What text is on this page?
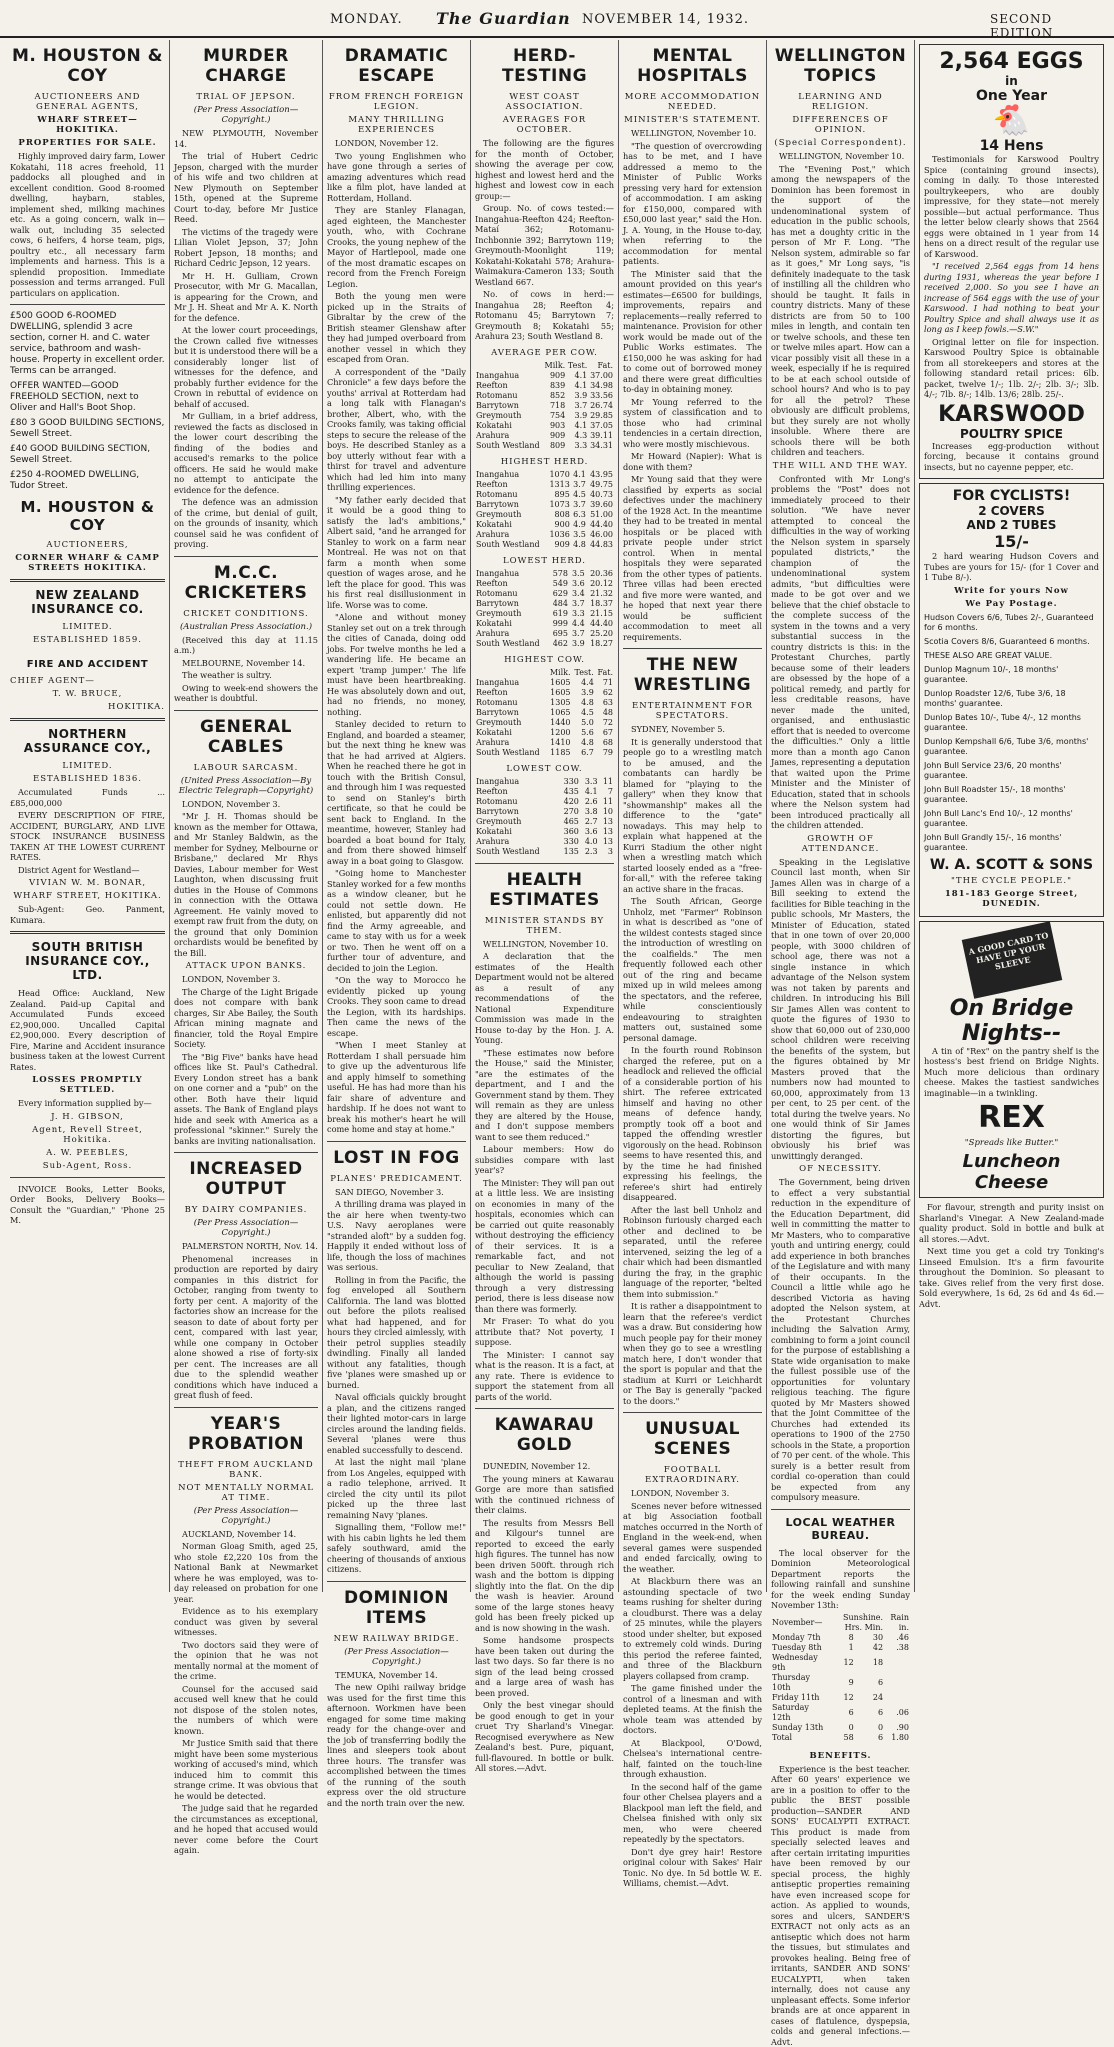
MONDAY. The Guardian NOVEMBER 14, 1932.	SECOND EDITION
M. HOUSTON & COY
AUCTIONEERS AND GENERAL AGENTS,
WHARF STREET—HOKITIKA.
PROPERTIES FOR SALE.

Highly improved dairy farm, Lower Kokatahi, 118 acres freehold, 11 paddocks all ploughed and in excellent condition. Good 8-roomed dwelling, haybarn, stables, implement shed, milking machines etc. As a going concern, walk in—walk out, including 35 selected cows, 6 heifers, 4 horse team, pigs, poultry etc., all necessary farm implements and harness. This is a splendid proposition. Immediate possession and terms arranged. Full particulars on application.

£500 GOOD 6-ROOMED DWELLING, splendid 3 acre section, corner H. and C. water service, bathroom and wash-house. Property in excellent order. Terms can be arranged.
OFFER WANTED—GOOD FREEHOLD SECTION, next to Oliver and Hall's Boot Shop.
£80 3 GOOD BUILDING SECTIONS, Sewell Street.
£40 GOOD BUILDING SECTION, Sewell Street.
£250 4-ROOMED DWELLING, Tudor Street.
M. HOUSTON & COY
AUCTIONEERS,
CORNER WHARF & CAMP STREETS HOKITIKA.
NEW ZEALAND INSURANCE CO.
LIMITED.
ESTABLISHED 1859.
FIRE AND ACCIDENT
CHIEF AGENT—
T. W. BRUCE,
HOKITIKA.
NORTHERN ASSURANCE COY.,
LIMITED.
ESTABLISHED 1836.

Accumulated Funds ... £85,000,000

EVERY DESCRIPTION OF FIRE, ACCIDENT, BURGLARY, AND LIVE STOCK INSURANCE BUSINESS TAKEN AT THE LOWEST CURRENT RATES.

District Agent for Westland—

VIVIAN W. M. BONAR,
WHARF STREET, HOKITIKA.

Sub-Agent: Geo. Panment, Kumara.

SOUTH BRITISH INSURANCE COY., LTD.

Head Office: Auckland, New Zealand. Paid-up Capital and Accumulated Funds exceed £2,900,000. Uncalled Capital £2,900,000. Every description of Fire, Marine and Accident insurance business taken at the lowest Current Rates.

LOSSES PROMPTLY SETTLED.

Every information supplied by—

J. H. GIBSON,
Agent, Revell Street, Hokitika.
A. W. PEEBLES,
Sub-Agent, Ross.

INVOICE Books, Letter Books, Order Books, Delivery Books—Consult the "Guardian," 'Phone 25 M.

MURDER CHARGE
TRIAL OF JEPSON.
(Per Press Association—Copyright.)

NEW PLYMOUTH, November 14.

The trial of Hubert Cedric Jepson, charged with the murder of his wife and two children at New Plymouth on September 15th, opened at the Supreme Court to-day, before Mr Justice Reed.

The victims of the tragedy were Lilian Violet Jepson, 37; John Robert Jepson, 18 months; and Richard Cedric Jepson, 12 years.

Mr H. H. Gulliam, Crown Prosecutor, with Mr G. Macallan, is appearing for the Crown, and Mr J. H. Sheat and Mr A. K. North for the defence.

At the lower court proceedings, the Crown called five witnesses but it is understood there will be a considerably longer list of witnesses for the defence, and probably further evidence for the Crown in rebuttal of evidence on behalf of accused.

Mr Gulliam, in a brief address, reviewed the facts as disclosed in the lower court describing the finding of the bodies and accused's remarks to the police officers. He said he would make no attempt to anticipate the evidence for the defence.

The defence was an admission of the crime, but denial of guilt, on the grounds of insanity, which counsel said he was confident of proving.

M.C.C. CRICKETERS
CRICKET CONDITIONS.
(Australian Press Association.)

(Received this day at 11.15 a.m.)

MELBOURNE, November 14.

The weather is sultry.

Owing to week-end showers the weather is doubtful.

GENERAL CABLES
LABOUR SARCASM.
(United Press Association—By Electric Telegraph—Copyright)

LONDON, November 3.

"Mr J. H. Thomas should be known as the member for Ottawa, and Mr Stanley Baldwin, as the member for Sydney, Melbourne or Brisbane," declared Mr Rhys Davies, Labour member for West Laughton, when discussing fruit duties in the House of Commons in connection with the Ottawa Agreement. He vainly moved to exempt raw fruit from the duty, on the ground that only Dominion orchardists would be benefited by the Bill.

ATTACK UPON BANKS.

LONDON, November 3.

The Charge of the Light Brigade does not compare with bank charges, Sir Abe Bailey, the South African mining magnate and financier, told the Royal Empire Society.

The "Big Five" banks have head offices like St. Paul's Cathedral. Every London street has a bank on one corner and a "pub" on the other. Both have their liquid assets. The Bank of England plays hide and seek with America as a professional "skinner." Surely the banks are inviting nationalisation.

INCREASED OUTPUT
BY DAIRY COMPANIES.
(Per Press Association—Copyright.)

PALMERSTON NORTH, Nov. 14.

Phenomenal increases in production are reported by dairy companies in this district for October, ranging from twenty to forty per cent. A majority of the factories show an increase for the season to date of about forty per cent, compared with last year, while one company in October alone showed a rise of forty-six per cent. The increases are all due to the splendid weather conditions which have induced a great flush of feed.

YEAR'S PROBATION
THEFT FROM AUCKLAND BANK.
NOT MENTALLY NORMAL AT TIME.
(Per Press Association—Copyright.)

AUCKLAND, November 14.

Norman Gloag Smith, aged 25, who stole £2,220 10s from the National Bank at Newmarket where he was employed, was to-day released on probation for one year.

Evidence as to his exemplary conduct was given by several witnesses.

Two doctors said they were of the opinion that he was not mentally normal at the moment of the crime.

Counsel for the accused said accused well knew that he could not dispose of the stolen notes, the numbers of which were known.

Mr Justice Smith said that there might have been some mysterious working of accused's mind, which induced him to commit this strange crime. It was obvious that he would be detected.

The judge said that he regarded the circumstances as exceptional, and he hoped that accused would never come before the Court again.

DRAMATIC ESCAPE
FROM FRENCH FOREIGN LEGION.
MANY THRILLING EXPERIENCES

LONDON, November 12.

Two young Englishmen who have gone through a series of amazing adventures which read like a film plot, have landed at Rotterdam, Holland.

They are Stanley Flanagan, aged eighteen, the Manchester youth, who, with Cochrane Crooks, the young nephew of the Mayor of Hartlepool, made one of the most dramatic escapes on record from the French Foreign Legion.

Both the young men were picked up in the Straits of Gibraltar by the crew of the British steamer Glenshaw after they had jumped overboard from another vessel in which they escaped from Oran.

A correspondent of the "Daily Chronicle" a few days before the youths' arrival at Rotterdam had a long talk with Flanagan's brother, Albert, who, with the Crooks family, was taking official steps to secure the release of the boys. He described Stanley as a boy utterly without fear with a thirst for travel and adventure which had led him into many thrilling experiences.

"My father early decided that it would be a good thing to satisfy the lad's ambitions," Albert said, "and he arranged for Stanley to work on a farm near Montreal. He was not on that farm a month when some question of wages arose, and he left the place for good. This was his first real disillusionment in life. Worse was to come.

"Alone and without money Stanley set out on a trek through the cities of Canada, doing odd jobs. For twelve months he led a wandering life. He became an expert 'tramp jumper.' The life must have been heartbreaking. He was absolutely down and out, had no friends, no money, nothing.

Stanley decided to return to England, and boarded a steamer, but the next thing he knew was that he had arrived at Algiers. When he reached there he got in touch with the British Consul, and through him I was requested to send on Stanley's birth certificate, so that he could be sent back to England. In the meantime, however, Stanley had boarded a boat bound for Italy, and from there showed himself away in a boat going to Glasgow.

"Going home to Manchester Stanley worked for a few months as a window cleaner, but he could not settle down. He enlisted, but apparently did not find the Army agreeable, and came to stay with us for a week or two. Then he went off on a further tour of adventure, and decided to join the Legion.

"On the way to Morocco he evidently picked up young Crooks. They soon came to dread the Legion, with its hardships. Then came the news of the escape.

"When I meet Stanley at Rotterdam I shall persuade him to give up the adventurous life and apply himself to something useful. He has had more than his fair share of adventure and hardship. If he does not want to break his mother's heart he will come home and stay at home."

LOST IN FOG
PLANES' PREDICAMENT.

SAN DIEGO, November 3.

A thrilling drama was played in the air here when twenty-two U.S. Navy aeroplanes were "stranded aloft" by a sudden fog. Happily it ended without loss of life, though the loss of machines was serious.

Rolling in from the Pacific, the fog enveloped all Southern California. The land was blotted out before the pilots realised what had happened, and for hours they circled aimlessly, with their petrol supplies steadily dwindling. Finally all landed without any fatalities, though five 'planes were smashed up or burned.

Naval officials quickly brought a plan, and the citizens ranged their lighted motor-cars in large circles around the landing fields. Several 'planes were thus enabled successfully to descend.

At last the night mail 'plane from Los Angeles, equipped with a radio telephone, arrived. It circled the city until its pilot picked up the three last remaining Navy 'planes.

Signalling them, "Follow me!" with his cabin lights he led them safely southward, amid the cheering of thousands of anxious citizens.

DOMINION ITEMS
NEW RAILWAY BRIDGE.
(Per Press Association—Copyright.)

TEMUKA, November 14.

The new Opihi railway bridge was used for the first time this afternoon. Workmen have been engaged for some time making ready for the change-over and the job of transferring bodily the lines and sleepers took about three hours. The transfer was accomplished between the times of the running of the south express over the old structure and the north train over the new.

HERD-TESTING
WEST COAST ASSOCIATION.
AVERAGES FOR OCTOBER.

The following are the figures for the month of October, showing the average per cow, highest and lowest herd and the highest and lowest cow in each group:—

Group. No. of cows tested:—Inangahua-Reefton 424; Reefton-Mataí 362; Rotomanu-Inchbonnie 392; Barrytown 119; Greymouth-Moonlight 119; Kokatahi-Kokatahi 578; Arahura-Waimakura-Cameron 133; South Westland 667.

No. of cows in herd:—Inangahua 28; Reefton 4; Rotomanu 45; Barrytown 7; Greymouth 8; Kokatahi 55; Arahura 23; South Westland 8.

AVERAGE PER COW.
	Milk.	Test.	Fat.
Inangahua	909	4.1	37.00
Reefton	839	4.1	34.98
Rotomanu	852	3.9	33.56
Barrytown	718	3.7	26.74
Greymouth	754	3.9	29.85
Kokatahi	903	4.1	37.05
Arahura	909	4.3	39.11
South Westland	809	3.3	34.31
HIGHEST HERD.

Inangahua	1070	4.1	43.95
Reefton	1313	3.7	49.75
Rotomanu	895	4.5	40.73
Barrytown	1073	3.7	39.60
Greymouth	808	6.3	51.00
Kokatahi	900	4.9	44.40
Arahura	1036	3.5	46.00
South Westland	909	4.8	44.83
LOWEST HERD.

Inangahua	578	3.5	20.36
Reefton	549	3.6	20.12
Rotomanu	629	3.4	21.32
Barrytown	484	3.7	18.37
Greymouth	619	3.3	21.15
Kokatahi	999	4.4	44.40
Arahura	695	3.7	25.20
South Westland	462	3.9	18.27
HIGHEST COW.
	Milk.	Test.	Fat.
Inangahua	1605	4.4	71
Reefton	1605	3.9	62
Rotomanu	1305	4.8	63
Barrytown	1065	4.5	48
Greymouth	1440	5.0	72
Kokatahi	1200	5.6	67
Arahura	1410	4.8	68
South Westland	1185	6.7	79
LOWEST COW.

Inangahua	330	3.3	11
Reefton	435	4.1	7
Rotomanu	420	2.6	11
Barrytown	270	3.8	10
Greymouth	465	2.7	13
Kokatahi	360	3.6	13
Arahura	330	4.0	13
South Westland	135	2.3	3
HEALTH ESTIMATES
MINISTER STANDS BY THEM.

WELLINGTON, November 10.

A declaration that the estimates of the Health Department would not be altered as a result of any recommendations of the National Expenditure Commission was made in the House to-day by the Hon. J. A. Young.

"These estimates now before the House," said the Minister, "are the estimates of the department, and I and the Government stand by them. They will remain as they are unless they are altered by the House, and I don't suppose members want to see them reduced."

Labour members: How do subsidies compare with last year's?

The Minister: They will pan out at a little less. We are insisting on economies in many of the hospitals, economies which can be carried out quite reasonably without destroying the efficiency of their services. It is a remarkable fact, and not peculiar to New Zealand, that although the world is passing through a very distressing period, there is less disease now than there was formerly.

Mr Fraser: To what do you attribute that? Not poverty, I suppose.

The Minister: I cannot say what is the reason. It is a fact, at any rate. There is evidence to support the statement from all parts of the world.

KAWARAU GOLD

DUNEDIN, November 12.

The young miners at Kawarau Gorge are more than satisfied with the continued richness of their claims.

The results from Messrs Bell and Kilgour's tunnel are reported to exceed the early high figures. The tunnel has now been driven 500ft. through rich wash and the bottom is dipping slightly into the flat. On the dip the wash is heavier. Around some of the large stones heavy gold has been freely picked up and is now showing in the wash.

Some handsome prospects have been taken out during the last two days. So far there is no sign of the lead being crossed and a large area of wash has been proved.

Only the best vinegar should be good enough to get in your cruet Try Sharland's Vinegar. Recognised everywhere as New Zealand's best. Pure, piquant, full-flavoured. In bottle or bulk. All stores.—Advt.

MENTAL HOSPITALS
MORE ACCOMMODATION NEEDED.
MINISTER'S STATEMENT.

WELLINGTON, November 10.

"The question of overcrowding has to be met, and I have addressed a memo to the Minister of Public Works pressing very hard for extension of accommodation. I am asking for £150,000, compared with £50,000 last year," said the Hon. J. A. Young, in the House to-day, when referring to the accommodation for mental patients.

The Minister said that the amount provided on this year's estimates—£6500 for buildings, improvements, repairs and replacements—really referred to maintenance. Provision for other work would be made out of the Public Works estimates. The £150,000 he was asking for had to come out of borrowed money and there were great difficulties to-day in obtaining money.

Mr Young referred to the system of classification and to those who had criminal tendencies in a certain direction, who were mostly mischievous.

Mr Howard (Napier): What is done with them?

Mr Young said that they were classified by experts as social defectives under the machinery of the 1928 Act. In the meantime they had to be treated in mental hospitals or be placed with private people under strict control. When in mental hospitals they were separated from the other types of patients. Three villas had been erected and five more were wanted, and he hoped that next year there would be sufficient accommodation to meet all requirements.

THE NEW WRESTLING
ENTERTAINMENT FOR SPECTATORS.

SYDNEY, November 5.

It is generally understood that people go to a wrestling match to be amused, and the combatants can hardly be blamed for "playing to the gallery" when they know that "showmanship" makes all the difference to the "gate" nowadays. This may help to explain what happened at the Kurri Stadium the other night when a wrestling match which started loosely ended as a "free-for-all," with the referee taking an active share in the fracas.

The South African, George Unholz, met "Farmer" Robinson in what is described as "one of the wildest contests staged since the introduction of wrestling on the coalfields." The men frequently followed each other out of the ring and became mixed up in wild melees among the spectators, and the referee, while conscientiously endeavouring to straighten matters out, sustained some personal damage.

In the fourth round Robinson charged the referee, put on a headlock and relieved the official of a considerable portion of his shirt. The referee extricated himself and having no other means of defence handy, promptly took off a boot and tapped the offending wrestler vigorously on the head. Robinson seems to have resented this, and by the time he had finished expressing his feelings, the referee's shirt had entirely disappeared.

After the last bell Unholz and Robinson furiously charged each other and declined to be separated, until the referee intervened, seizing the leg of a chair which had been dismantled during the fray, in the graphic language of the reporter, "belted them into submission."

It is rather a disappointment to learn that the referee's verdict was a draw. But considering how much people pay for their money when they go to see a wrestling match here, I don't wonder that the sport is popular and that the stadium at Kurri or Leichhardt or The Bay is generally "packed to the doors."

UNUSUAL SCENES
FOOTBALL EXTRAORDINARY.

LONDON, November 3.

Scenes never before witnessed at big Association football matches occurred in the North of England in the week-end, when several games were suspended and ended farcically, owing to the weather.

At Blackburn there was an astounding spectacle of two teams rushing for shelter during a cloudburst. There was a delay of 25 minutes, while the players stood under shelter, but exposed to extremely cold winds. During this period the referee fainted, and three of the Blackburn players collapsed from cramp.

The game finished under the control of a linesman and with depleted teams. At the finish the whole team was attended by doctors.

At Blackpool, O'Dowd, Chelsea's international centre-half, fainted on the touch-line through exhaustion.

In the second half of the game four other Chelsea players and a Blackpool man left the field, and Chelsea finished with only six men, who were cheered repeatedly by the spectators.

Don't dye grey hair! Restore original colour with Sakes' Hair Tonic. No dye. In 5d bottle W. E. Williams, chemist.—Advt.

WELLINGTON TOPICS
LEARNING AND RELIGION.
DIFFERENCES OF OPINION.
(Special Correspondent).

WELLINGTON, November 10.

The "Evening Post," which among the newspapers of the Dominion has been foremost in the support of the undenominational system of education in the public schools, has met a doughty critic in the person of Mr F. Long. "The Nelson system, admirable so far as it goes," Mr Long says, "is definitely inadequate to the task of instilling all the children who should be taught. It fails in country districts. Many of these districts are from 50 to 100 miles in length, and contain ten or twelve schools, and these ten or twelve miles apart. How can a vicar possibly visit all these in a week, especially if he is required to be at each school outside of school hours? And who is to pay for all the petrol? These obviously are difficult problems, but they surely are not wholly insoluble. Where there are schools there will be both children and teachers.

THE WILL AND THE WAY.

Confronted with Mr Long's problems the "Post" does not immediately proceed to their solution. "We have never attempted to conceal the difficulties in the way of working the Nelson system in sparsely populated districts," the champion of the undenominational system admits, "but difficulties were made to be got over and we believe that the chief obstacle to the complete success of the system in the towns and a very substantial success in the country districts is this: in the Protestant Churches, partly because some of their leaders are obsessed by the hope of a political remedy, and partly for less creditable reasons, have never made the united, organised, and enthusiastic effort that is needed to overcome the difficulties." Only a little more than a month ago Canon James, representing a deputation that waited upon the Prime Minister and the Minister of Education, stated that in schools where the Nelson system had been introduced practically all the children attended.

GROWTH OF ATTENDANCE.

Speaking in the Legislative Council last month, when Sir James Allen was in charge of a Bill seeking to extend the facilities for Bible teaching in the public schools, Mr Masters, the Minister of Education, stated that in one town of over 20,000 people, with 3000 children of school age, there was not a single instance in which advantage of the Nelson system was not taken by parents and children. In introducing his Bill Sir James Allen was content to quote the figures of 1930 to show that 60,000 out of 230,000 school children were receiving the benefits of the system, but the figures obtained by Mr Masters proved that the numbers now had mounted to 60,000, approximately from 13 per cent, to 25 per cent. of the total during the twelve years. No one would think of Sir James distorting the figures, but obviously his brief was unwittingly deranged.

OF NECESSITY.

The Government, being driven to effect a very substantial reduction in the expenditure of the Education Department, did well in committing the matter to Mr Masters, who to comparative youth and untiring energy, could add experience in both branches of the Legislature and with many of their occupants. In the Council a little while ago he described Victoria as having adopted the Nelson system, at the Protestant Churches including the Salvation Army, combining to form a joint council for the purpose of establishing a State wide organisation to make the fullest possible use of the opportunities for voluntary religious teaching. The figure quoted by Mr Masters showed that the Joint Committee of the Churches had extended its operations to 1900 of the 2750 schools in the State, a proportion of 70 per cent. of the whole. This surely is a better result from cordial co-operation than could be expected from any compulsory measure.

LOCAL WEATHER BUREAU.

The local observer for the Dominion Meteorological Department reports the following rainfall and sunshine for the week ending Sunday November 13th:

November—	Sunshine. Hrs. Min.		Rain in.
Monday 7th	8	30	.46
Tuesday 8th	1	42	.38
Wednesday 9th	12	18	
Thursday 10th	9	6	
Friday 11th	12	24	
Saturday 12th	6	6	.06
Sunday 13th	0	0	.90
Total	58	6	1.80
BENEFITS.

Experience is the best teacher. After 60 years' experience we are in a position to offer to the public the BEST possible production—SANDER AND SONS' EUCALYPTI EXTRACT. This product is made from specially selected leaves and after certain irritating impurities have been removed by our special process, the highly antiseptic properties remaining have even increased scope for action. As applied to wounds, sores and ulcers, SANDER'S EXTRACT not only acts as an antiseptic which does not harm the tissues, but stimulates and provokes healing. Being free of irritants, SANDER AND SONS' EUCALYPTI, when taken internally, does not cause any unpleasant effects. Some inferior brands are at once apparent in cases of flatulence, dyspepsia, colds and general infections.—Advt.

2,564 EGGS
in
One Year
🐔
14 Hens

Testimonials for Karswood Poultry Spice (containing ground insects), coming in daily. To those interested poultrykeepers, who are doubly impressive, for they state—not merely possible—but actual performance. Thus the letter below clearly shows that 2564 eggs were obtained in 1 year from 14 hens on a direct result of the regular use of Karswood.

"I received 2,564 eggs from 14 hens during 1931, whereas the year before I received 2,000. So you see I have an increase of 564 eggs with the use of your Karswood. I had nothing to beat your Poultry Spice and shall always use it as long as I keep fowls.—S.W."

Original letter on file for inspection. Karswood Poultry Spice is obtainable from all storekeepers and stores at the following standard retail prices: 6lb. packet, twelve 1/-; 1lb. 2/-; 2lb. 3/-; 3lb. 4/-; 7lb. 8/-; 14lb. 13/6; 28lb. 25/-.

KARSWOOD
POULTRY SPICE

Increases egg-production without forcing, because it contains ground insects, but no cayenne pepper, etc.

FOR CYCLISTS!
2 COVERS
AND 2 TUBES
15/-

2 hard wearing Hudson Covers and Tubes are yours for 15/- (for 1 Cover and 1 Tube 8/-).

Write for yours Now
We Pay Postage.
Hudson Covers 6/6, Tubes 2/-, Guaranteed for 6 months.
Scotia Covers 8/6, Guaranteed 6 months.
THESE ALSO ARE GREAT VALUE.
Dunlop Magnum 10/-, 18 months' guarantee.
Dunlop Roadster 12/6, Tube 3/6, 18 months' guarantee.
Dunlop Bates 10/-, Tube 4/-, 12 months guarantee.
Dunlop Kempshall 6/6, Tube 3/6, months' guarantee.
John Bull Service 23/6, 20 months' guarantee.
John Bull Roadster 15/-, 18 months' guarantee.
John Bull Lanc's End 10/-, 12 months' guarantee.
John Bull Grandly 15/-, 16 months' guarantee.
W. A. SCOTT & SONS
"THE CYCLE PEOPLE."
181-183 George Street, DUNEDIN.
A GOOD CARD TO HAVE UP YOUR SLEEVE
On Bridge Nights--

A tin of "Rex" on the pantry shelf is the hostess's best friend on Bridge Nights. Much more delicious than ordinary cheese. Makes the tastiest sandwiches imaginable—in a twinkling.

REX
"Spreads like Butter."
Luncheon Cheese

For flavour, strength and purity insist on Sharland's Vinegar. A New Zealand-made quality product. Sold in bottle and bulk at all stores.—Advt.

Next time you get a cold try Tonking's Linseed Emulsion. It's a firm favourite throughout the Dominion. So pleasant to take. Gives relief from the very first dose. Sold everywhere, 1s 6d, 2s 6d and 4s 6d.—Advt.
